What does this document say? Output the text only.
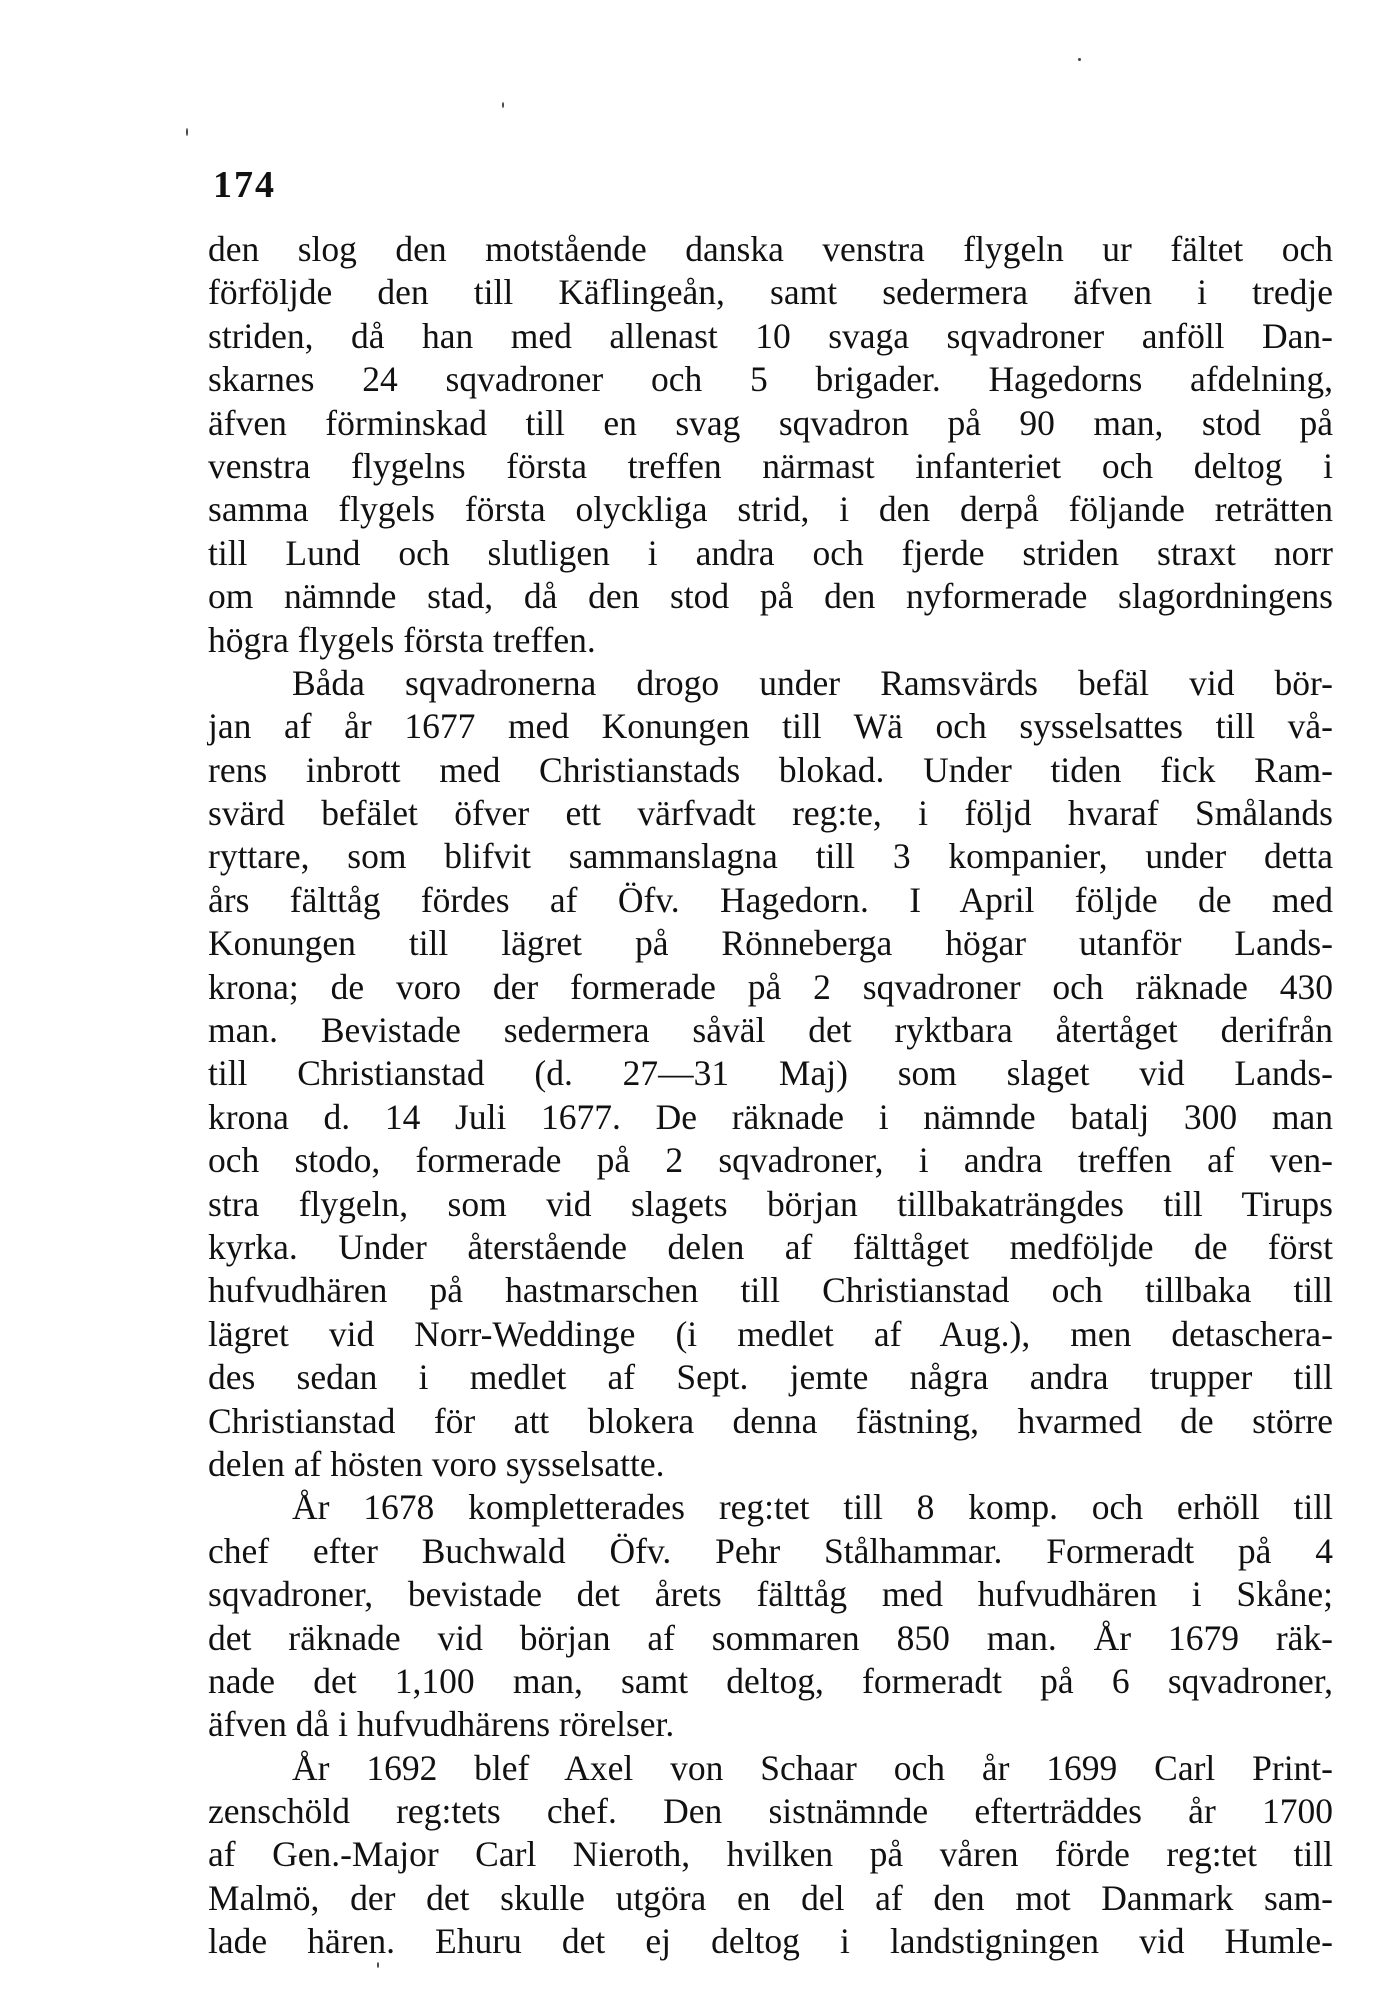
174
den slog den motstående danska venstra flygeln ur fältet och
förföljde den till Käflingeån, samt sedermera äfven i tredje
striden, då han med allenast 10 svaga sqvadroner anföll Dan-
skarnes 24 sqvadroner och 5 brigader. Hagedorns afdelning,
äfven förminskad till en svag sqvadron på 90 man, stod på
venstra flygelns första treffen närmast infanteriet och deltog i
samma flygels första olyckliga strid, i den derpå följande reträtten
till Lund och slutligen i andra och fjerde striden straxt norr
om nämnde stad, då den stod på den nyformerade slagordningens
högra flygels första treffen.
Båda sqvadronerna drogo under Ramsvärds befäl vid bör-
jan af år 1677 med Konungen till Wä och sysselsattes till vå-
rens inbrott med Christianstads blokad. Under tiden fick Ram-
svärd befälet öfver ett värfvadt reg:te, i följd hvaraf Smålands
ryttare, som blifvit sammanslagna till 3 kompanier, under detta
års fälttåg fördes af Öfv. Hagedorn. I April följde de med
Konungen till lägret på Rönneberga högar utanför Lands-
krona; de voro der formerade på 2 sqvadroner och räknade 430
man. Bevistade sedermera såväl det ryktbara återtåget derifrån
till Christianstad (d. 27—31 Maj) som slaget vid Lands-
krona d. 14 Juli 1677. De räknade i nämnde batalj 300 man
och stodo, formerade på 2 sqvadroner, i andra treffen af ven-
stra flygeln, som vid slagets början tillbakaträngdes till Tirups
kyrka. Under återstående delen af fälttåget medföljde de först
hufvudhären på hastmarschen till Christianstad och tillbaka till
lägret vid Norr-Weddinge (i medlet af Aug.), men detaschera-
des sedan i medlet af Sept. jemte några andra trupper till
Christianstad för att blokera denna fästning, hvarmed de större
delen af hösten voro sysselsatte.
År 1678 kompletterades reg:tet till 8 komp. och erhöll till
chef efter Buchwald Öfv. Pehr Stålhammar. Formeradt på 4
sqvadroner, bevistade det årets fälttåg med hufvudhären i Skåne;
det räknade vid början af sommaren 850 man. År 1679 räk-
nade det 1,100 man, samt deltog, formeradt på 6 sqvadroner,
äfven då i hufvudhärens rörelser.
År 1692 blef Axel von Schaar och år 1699 Carl Print-
zenschöld reg:tets chef. Den sistnämnde efterträddes år 1700
af Gen.-Major Carl Nieroth, hvilken på våren förde reg:tet till
Malmö, der det skulle utgöra en del af den mot Danmark sam-
lade hären. Ehuru det ej deltog i landstigningen vid Humle-
